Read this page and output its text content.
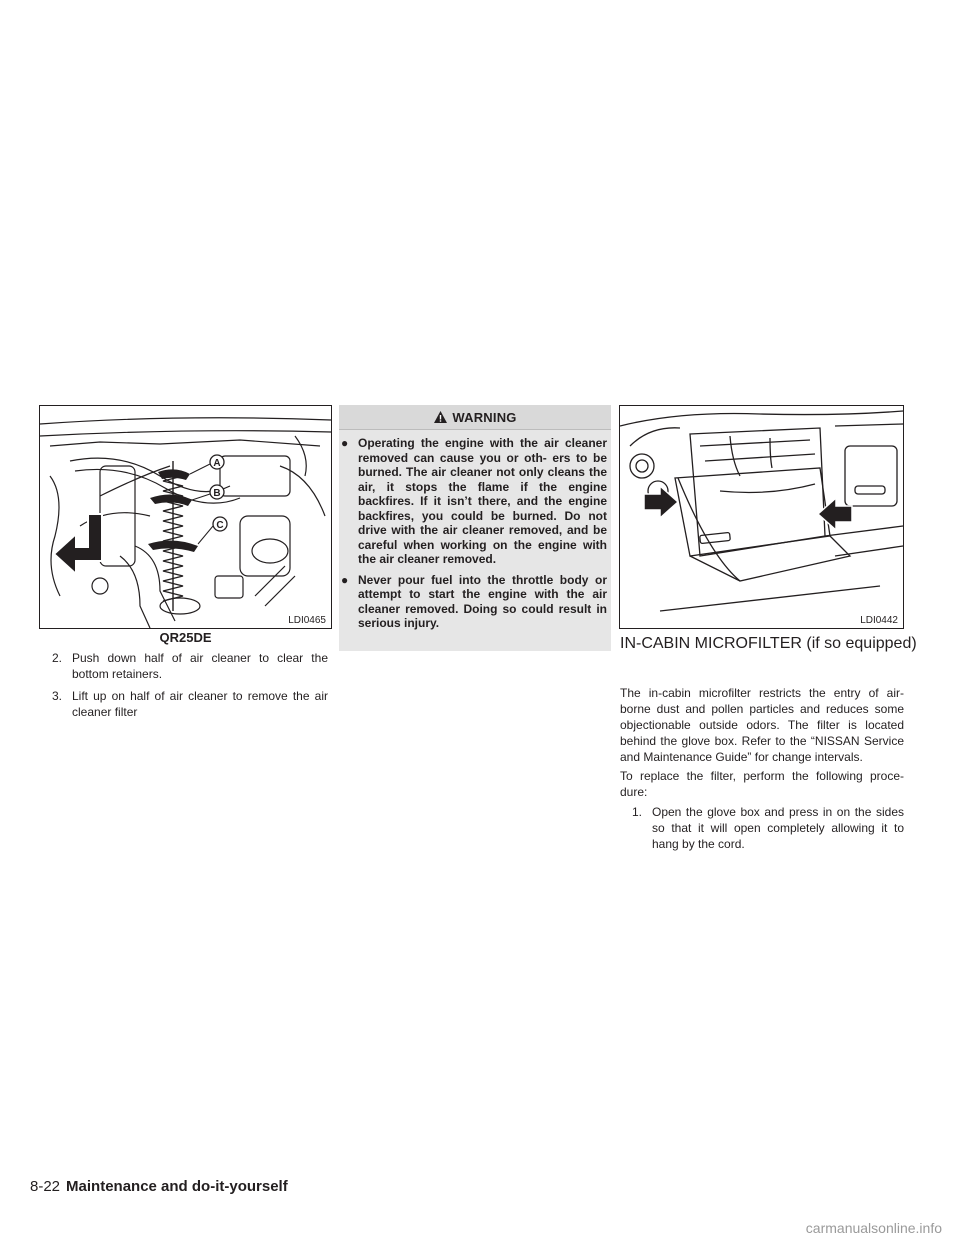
A
B
C
LDI0465
QR25DE
2. Push down half of air cleaner to clear the bottom retainers.
3. Lift up on half of air cleaner to remove the air cleaner filter
WARNING
● Operating the engine with the air cleaner removed can cause you or oth- ers to be burned. The air cleaner not only cleans the air, it stops the flame if the engine backfires. If it isn’t there, and the engine backfires, you could be burned. Do not drive with the air cleaner removed, and be careful when working on the engine with the air cleaner removed.
● Never pour fuel into the throttle body or attempt to start the engine with the air cleaner removed. Doing so could result in serious injury.	LDI0442
IN-CABIN MICROFILTER (if so equipped)
The in-cabin microfilter restricts the entry of air- borne dust and pollen particles and reduces some objectionable outside odors. The filter is located behind the glove box. Refer to the “NISSAN Service and Maintenance Guide” for change intervals.
To replace the filter, perform the following proce- dure:
1. Open the glove box and press in on the sides so that it will open completely allowing it to hang by the cord.
8-22 Maintenance and do-it-yourself
carmanualsonline.info
